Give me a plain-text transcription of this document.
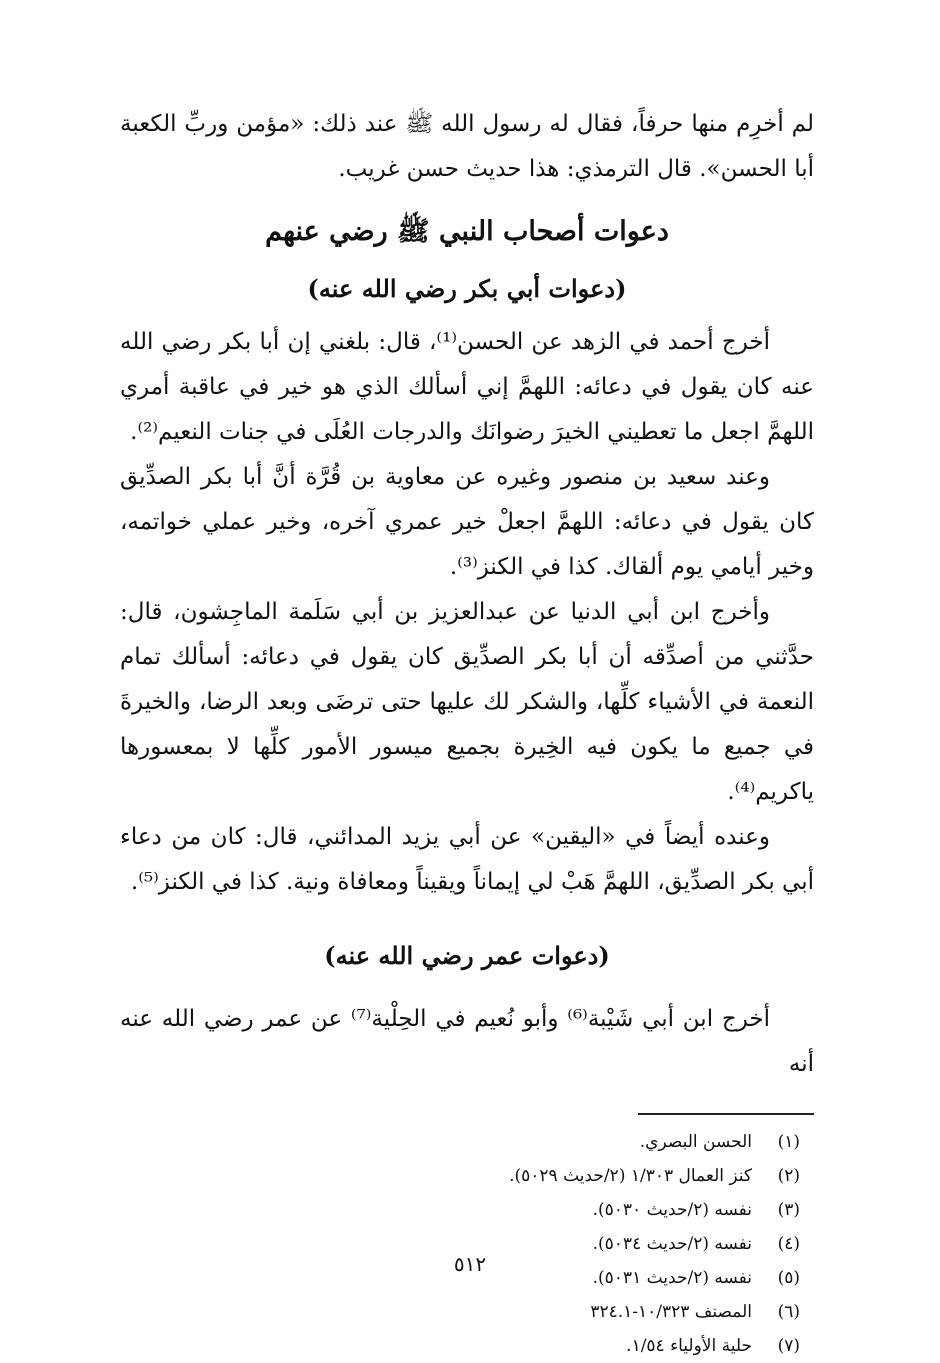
لم أخرِم منها حرفاً، فقال له رسول الله ﷺ عند ذلك: «مؤمن وربِّ الكعبة أبا الحسن». قال الترمذي: هذا حديث حسن غريب.

دعوات أصحاب النبي ﷺ رضي عنهم
(دعوات أبي بكر رضي الله عنه)

أخرج أحمد في الزهد عن الحسن⁽¹⁾، قال: بلغني إن أبا بكر رضي الله عنه كان يقول في دعائه: اللهمَّ إني أسألك الذي هو خير في عاقبة أمري اللهمَّ اجعل ما تعطيني الخيرَ رضوانَك والدرجات العُلَى في جنات النعيم⁽²⁾.

وعند سعيد بن منصور وغيره عن معاوية بن قُرَّة أنَّ أبا بكر الصدِّيق كان يقول في دعائه: اللهمَّ اجعلْ خير عمري آخره، وخير عملي خواتمه، وخير أيامي يوم ألقاك. كذا في الكنز⁽³⁾.

وأخرج ابن أبي الدنيا عن عبدالعزيز بن أبي سَلَمة الماجِشون، قال: حدَّثني من أصدِّقه أن أبا بكر الصدِّيق كان يقول في دعائه: أسألك تمام النعمة في الأشياء كلِّها، والشكر لك عليها حتى ترضَى وبعد الرضا، والخيرةَ في جميع ما يكون فيه الخِيرة بجميع ميسور الأمور كلِّها لا بمعسورها ياكريم⁽⁴⁾.

وعنده أيضاً في «اليقين» عن أبي يزيد المدائني، قال: كان من دعاء أبي بكر الصدِّيق، اللهمَّ هَبْ لي إيماناً ويقيناً ومعافاة ونية. كذا في الكنز⁽⁵⁾.

(دعوات عمر رضي الله عنه)

أخرج ابن أبي شَيْبة⁽⁶⁾ وأبو نُعيم في الحِلْية⁽⁷⁾ عن عمر رضي الله عنه أنه

(١)
الحسن البصري.
(٢)
كنز العمال ١/٣٠٣ (٢/حديث ٥٠٢٩).
(٣)
نفسه (٢/حديث ٥٠٣٠).
(٤)
نفسه (٢/حديث ٥٠٣٤).
(٥)
نفسه (٢/حديث ٥٠٣١).
(٦)
المصنف ١٠/٣٢٣-٣٢٤.١
(٧)
حلية الأولياء ١/٥٤.
٥١٢
